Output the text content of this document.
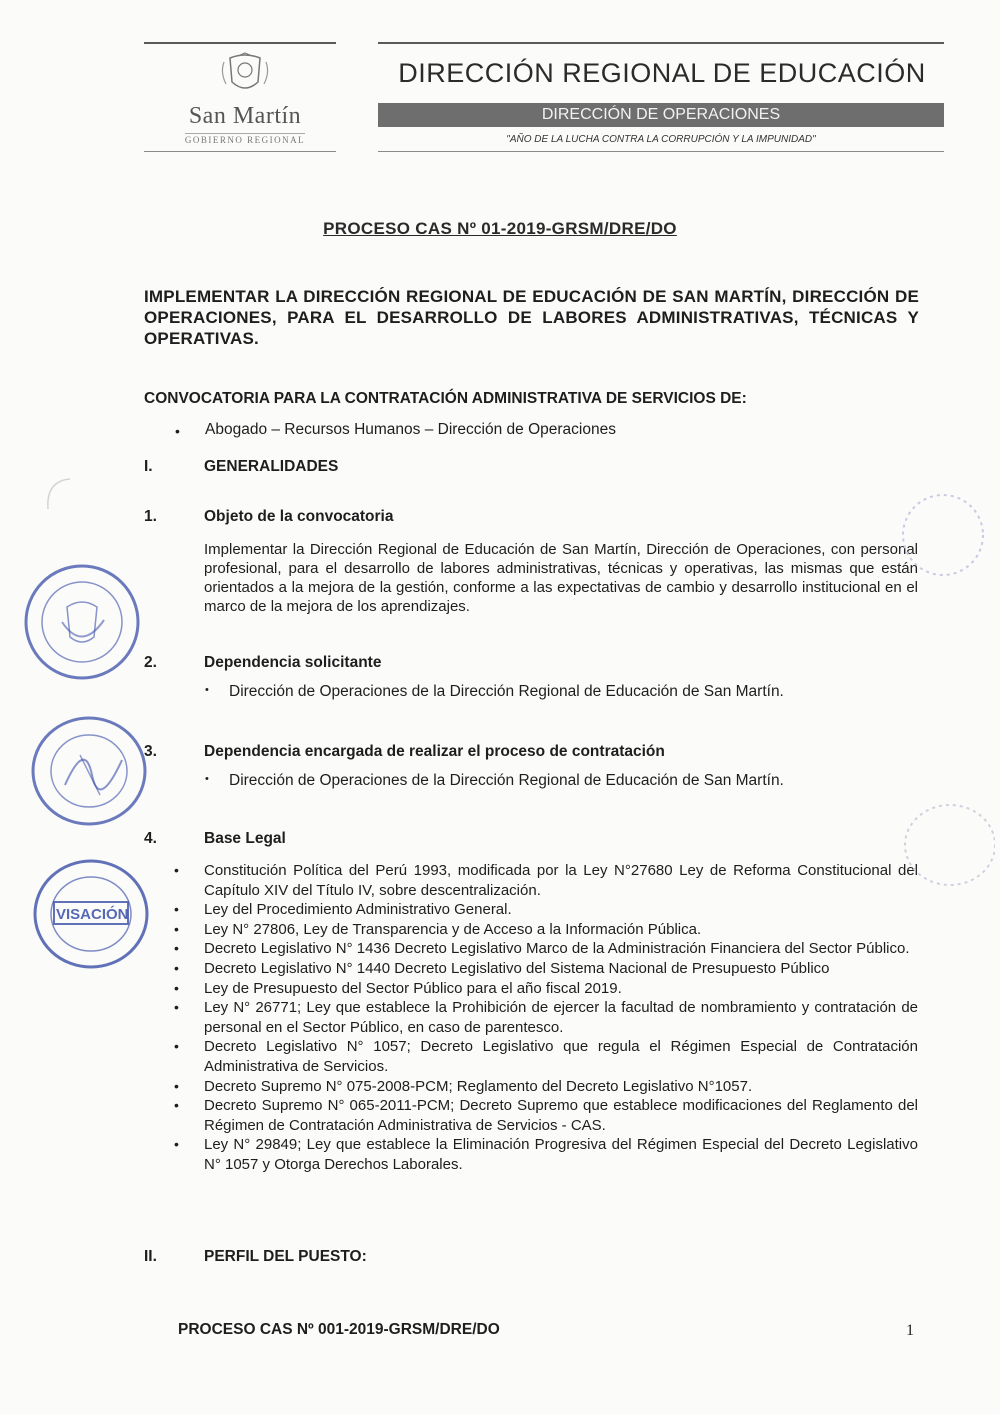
San Martín
GOBIERNO REGIONAL
DIRECCIÓN REGIONAL DE EDUCACIÓN
DIRECCIÓN DE OPERACIONES
"AÑO DE LA LUCHA CONTRA LA CORRUPCIÓN Y LA IMPUNIDAD"
PROCESO CAS Nº 01-2019-GRSM/DRE/DO
IMPLEMENTAR LA DIRECCIÓN REGIONAL DE EDUCACIÓN DE SAN MARTÍN, DIRECCIÓN DE OPERACIONES, PARA EL DESARROLLO DE LABORES ADMINISTRATIVAS, TÉCNICAS Y OPERATIVAS.
CONVOCATORIA PARA LA CONTRATACIÓN ADMINISTRATIVA DE SERVICIOS DE:
• Abogado – Recursos Humanos – Dirección de Operaciones
I.	GENERALIDADES
1.	Objeto de la convocatoria
Implementar la Dirección Regional de Educación de San Martín, Dirección de Operaciones, con personal profesional, para el desarrollo de labores administrativas, técnicas y operativas, las mismas que están orientados a la mejora de la gestión, conforme a las expectativas de cambio y desarrollo institucional en el marco de la mejora de los aprendizajes.
2.	Dependencia solicitante
• Dirección de Operaciones de la Dirección Regional de Educación de San Martín.
3.	Dependencia encargada de realizar el proceso de contratación
• Dirección de Operaciones de la Dirección Regional de Educación de San Martín.
4.	Base Legal
• Constitución Política del Perú 1993, modificada por la Ley N°27680 Ley de Reforma Constitucional del Capítulo XIV del Título IV, sobre descentralización.
• Ley del Procedimiento Administrativo General.
• Ley N° 27806, Ley de Transparencia y de Acceso a la Información Pública.
• Decreto Legislativo N° 1436 Decreto Legislativo Marco de la Administración Financiera del Sector Público.
• Decreto Legislativo N° 1440 Decreto Legislativo del Sistema Nacional de Presupuesto Público
• Ley de Presupuesto del Sector Público para el año fiscal 2019.
• Ley N° 26771; Ley que establece la Prohibición de ejercer la facultad de nombramiento y contratación de personal en el Sector Público, en caso de parentesco.
• Decreto Legislativo N° 1057; Decreto Legislativo que regula el Régimen Especial de Contratación Administrativa de Servicios.
• Decreto Supremo N° 075-2008-PCM; Reglamento del Decreto Legislativo N°1057.
• Decreto Supremo N° 065-2011-PCM; Decreto Supremo que establece modificaciones del Reglamento del Régimen de Contratación Administrativa de Servicios - CAS.
• Ley N° 29849; Ley que establece la Eliminación Progresiva del Régimen Especial del Decreto Legislativo N° 1057 y Otorga Derechos Laborales.
II.	PERFIL DEL PUESTO:
PROCESO CAS Nº 001-2019-GRSM/DRE/DO	1
VISACIÓN
